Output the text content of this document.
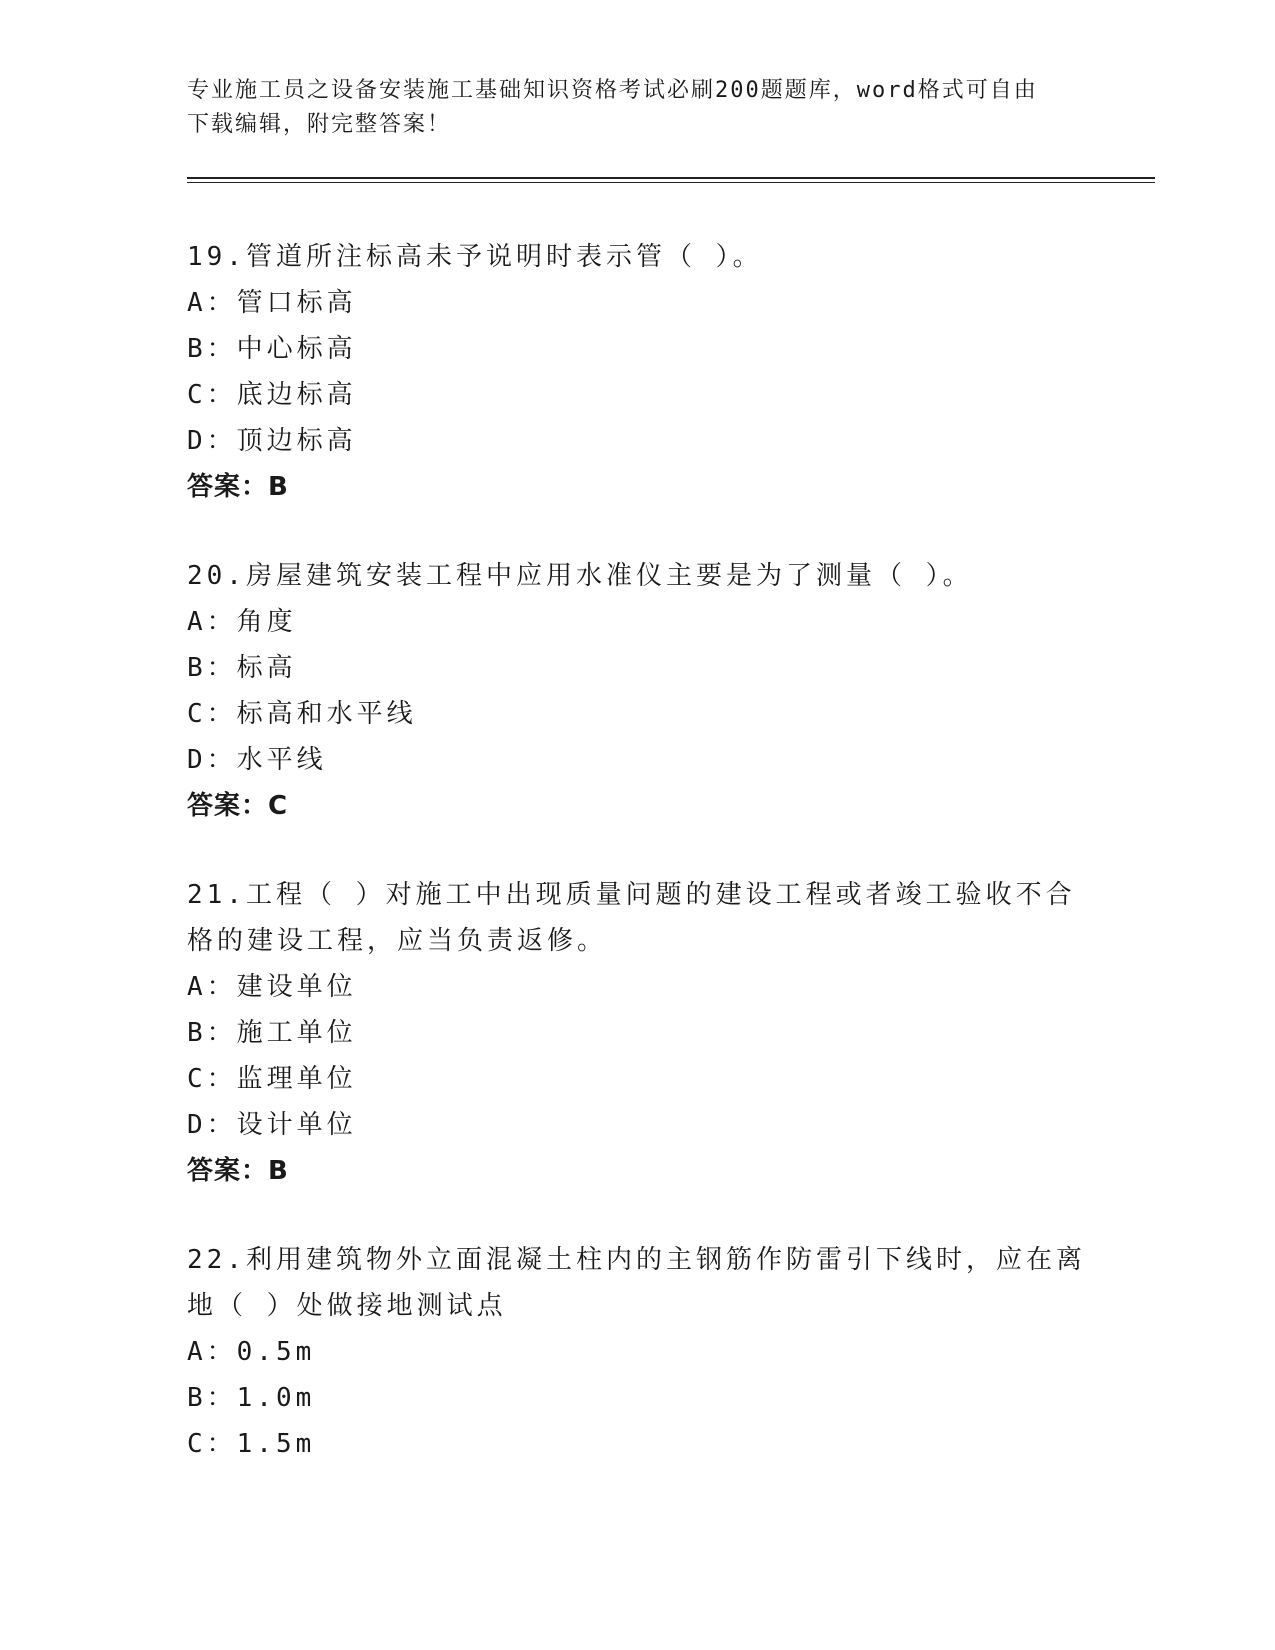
专业施工员之设备安装施工基础知识资格考试必刷200题题库，word格式可自由
下载编辑，附完整答案！
19.管道所注标高未予说明时表示管（ ）。
A：管口标高
B：中心标高
C：底边标高
D：顶边标高
答案：B
20.房屋建筑安装工程中应用水准仪主要是为了测量（ ）。
A：角度
B：标高
C：标高和水平线
D：水平线
答案：C
21.工程（ ）对施工中出现质量问题的建设工程或者竣工验收不合格的建设工程，应当负责返修。
A：建设单位
B：施工单位
C：监理单位
D：设计单位
答案：B
22.利用建筑物外立面混凝土柱内的主钢筋作防雷引下线时，应在离地（ ）处做接地测试点
A：0.5m
B：1.0m
C：1.5m
